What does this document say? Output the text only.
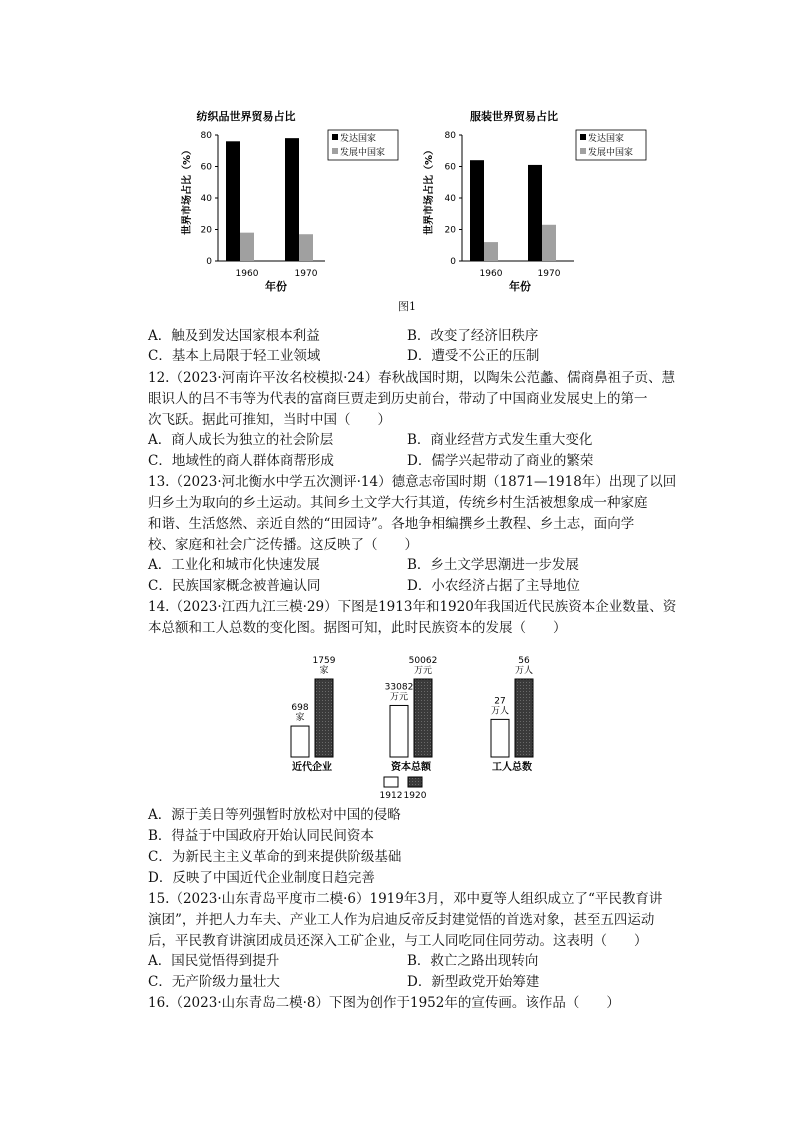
纺织品世界贸易占比
世界市场占比（%）
0
20
40
60
80
1960	1970
年份
发达国家
发展中国家
服装世界贸易占比
世界市场占比（%）
0
20
40
60
80
1960	1970
年份
发达国家
发展中国家
图1
A．触及到发达国家根本利益	B．改变了经济旧秩序
C．基本上局限于轻工业领域	D．遭受不公正的压制
12.（2023·河南许平汝名校模拟·24）春秋战国时期，以陶朱公范蠡、儒商鼻祖子贡、慧
眼识人的吕不韦等为代表的富商巨贾走到历史前台，带动了中国商业发展史上的第一
次飞跃。据此可推知，当时中国（　　）
A．商人成长为独立的社会阶层	B．商业经营方式发生重大变化
C．地域性的商人群体商帮形成	D．儒学兴起带动了商业的繁荣
13.（2023·河北衡水中学五次测评·14）德意志帝国时期（1871—1918年）出现了以回
归乡土为取向的乡土运动。其间乡土文学大行其道，传统乡村生活被想象成一种家庭
和谐、生活悠然、亲近自然的“田园诗”。各地争相编撰乡土教程、乡土志，面向学
校、家庭和社会广泛传播。这反映了（　　）
A．工业化和城市化快速发展	B．乡土文学思潮进一步发展
C．民族国家概念被普遍认同	D．小农经济占据了主导地位
14.（2023·江西九江三模·29）下图是1913年和1920年我国近代民族资本企业数量、资
本总额和工人总数的变化图。据图可知，此时民族资本的发展（　　）
698 家
1759 家
33082 万元
50062 万元
27 万人
56 万人
近代企业	资本总额	工人总数
1912 1920
A．源于美日等列强暂时放松对中国的侵略
B．得益于中国政府开始认同民间资本
C．为新民主主义革命的到来提供阶级基础
D．反映了中国近代企业制度日趋完善
15.（2023·山东青岛平度市二模·6）1919年3月，邓中夏等人组织成立了“平民教育讲
演团”，并把人力车夫、产业工人作为启迪反帝反封建觉悟的首选对象，甚至五四运动
后，平民教育讲演团成员还深入工矿企业，与工人同吃同住同劳动。这表明（　　）
A．国民觉悟得到提升	B．救亡之路出现转向
C．无产阶级力量壮大	D．新型政党开始筹建
16.（2023·山东青岛二模·8）下图为创作于1952年的宣传画。该作品（　　）
